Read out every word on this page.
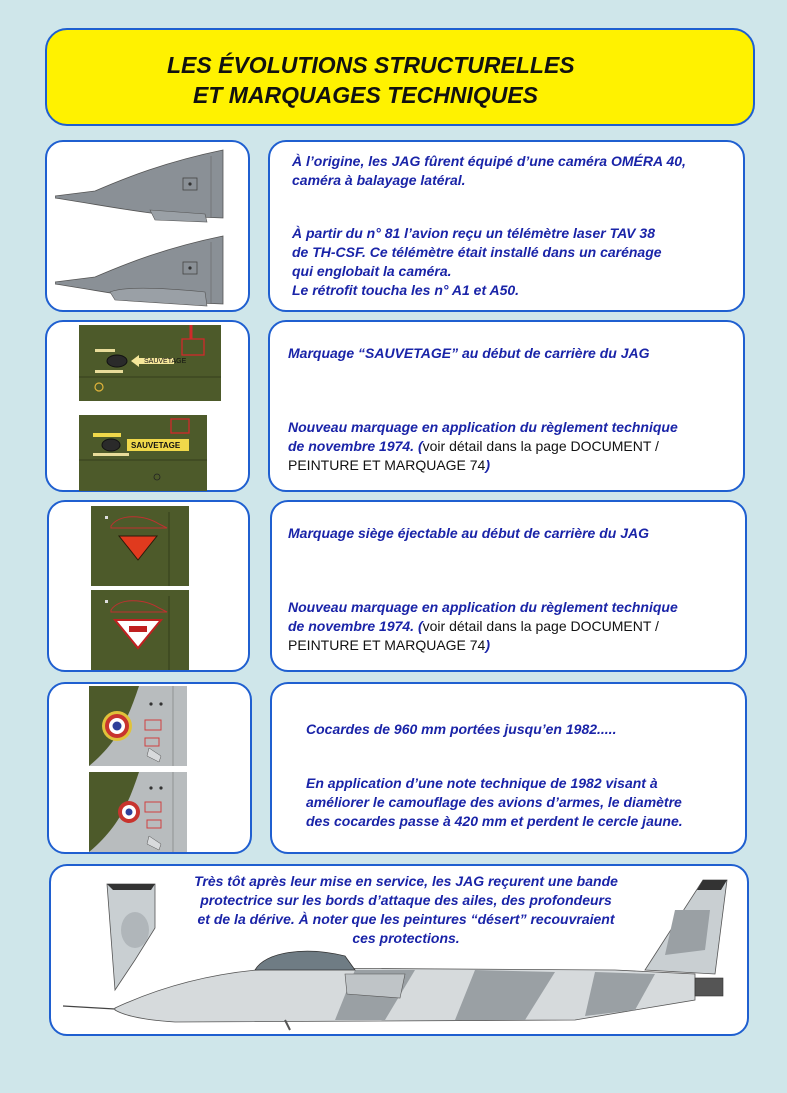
LES ÉVOLUTIONS STRUCTURELLES
ET MARQUAGES TECHNIQUES
À l’origine, les JAG fûrent équipé d’une caméra OMÉRA 40,
caméra à balayage latéral.
À partir du n° 81 l’avion reçu un télémètre laser TAV 38
de TH-CSF. Ce télémètre était installé dans un carénage
qui englobait la caméra.
Le rétrofit toucha les n° A1 et A50.
SAUVETAGE
SAUVETAGE
Marquage “SAUVETAGE” au début de carrière du JAG
Nouveau marquage en application du règlement technique
de novembre 1974. (voir détail dans la page DOCUMENT /
PEINTURE ET MARQUAGE 74)
Marquage siège éjectable au début de carrière du JAG
Nouveau marquage en application du règlement technique
de novembre 1974. (voir détail dans la page DOCUMENT /
PEINTURE ET MARQUAGE 74)
Cocardes de 960 mm portées jusqu’en 1982.....
En application d’une note technique de 1982 visant à
améliorer le camouflage des avions d’armes, le diamètre
des cocardes passe à 420 mm et perdent le cercle jaune.
Très tôt après leur mise en service, les JAG reçurent une bande
protectrice sur les bords d’attaque des ailes, des profondeurs
et de la dérive. À noter que les peintures “désert” recouvraient
ces protections.
